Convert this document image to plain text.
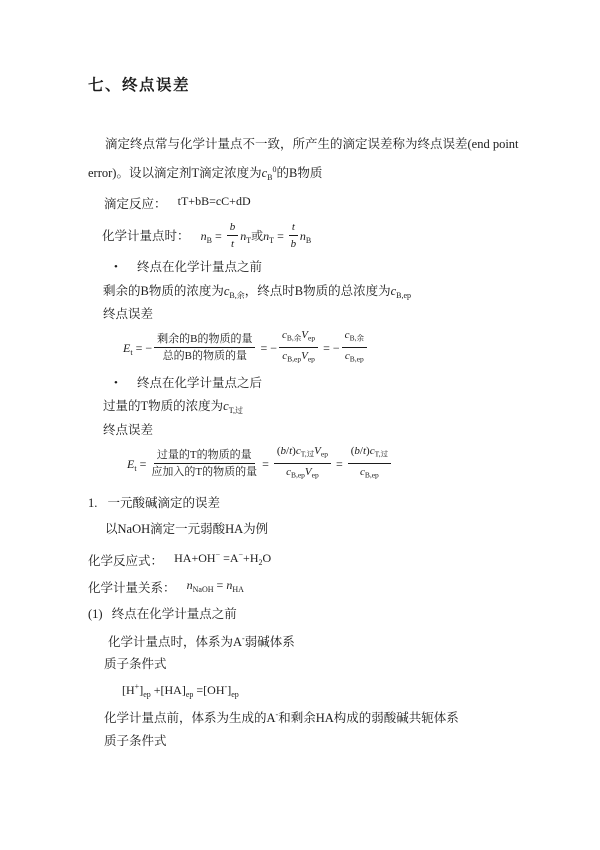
七、终点误差
滴定终点常与化学计量点不一致，所产生的滴定误差称为终点误差(end point
error)。设以滴定剂T滴定浓度为$c_B^0$的B物质
滴定反应： tT+bB=cC+dD
化学计量点时： $n_B = \frac{b}{t} n_T$或$n_T = \frac{t}{b} n_B$
• 终点在化学计量点之前
剩余的B物质的浓度为$c_{B,余}$，终点时B物质的总浓度为$c_{B,ep}$
终点误差
$E_t$ = − $\frac{\text{剩余的B的物质的量}}{\text{总的B的物质的量}}$ = − $\frac{c_{B,余}V_{ep}}{c_{B,ep}V_{ep}}$ = − $\frac{c_{B,余}}{c_{B,ep}}$
• 终点在化学计量点之后
过量的T物质的浓度为$c_{T,过}$
终点误差
$E_t = \frac{\text{过量的T的物质的量}}{\text{应加入的T的物质的量}} = \frac{(b/t)c_{T,过}V_{ep}}{c_{B,ep}V_{ep}} = \frac{(b/t)c_{T,过}}{c_{B,ep}}$
1. 一元酸碱滴定的误差
以NaOH滴定一元弱酸HA为例
化学反应式： $HA+OH^- =A^-+H_2O$
化学计量关系： $n_{NaOH} = n_{HA}$
(1) 终点在化学计量点之前
化学计量点时，体系为A-弱碱体系
质子条件式
$[H^+]_{ep} +[HA]_{ep} =[OH^-]_{ep}$
化学计量点前，体系为生成的A-和剩余HA构成的弱酸碱共轭体系
质子条件式
